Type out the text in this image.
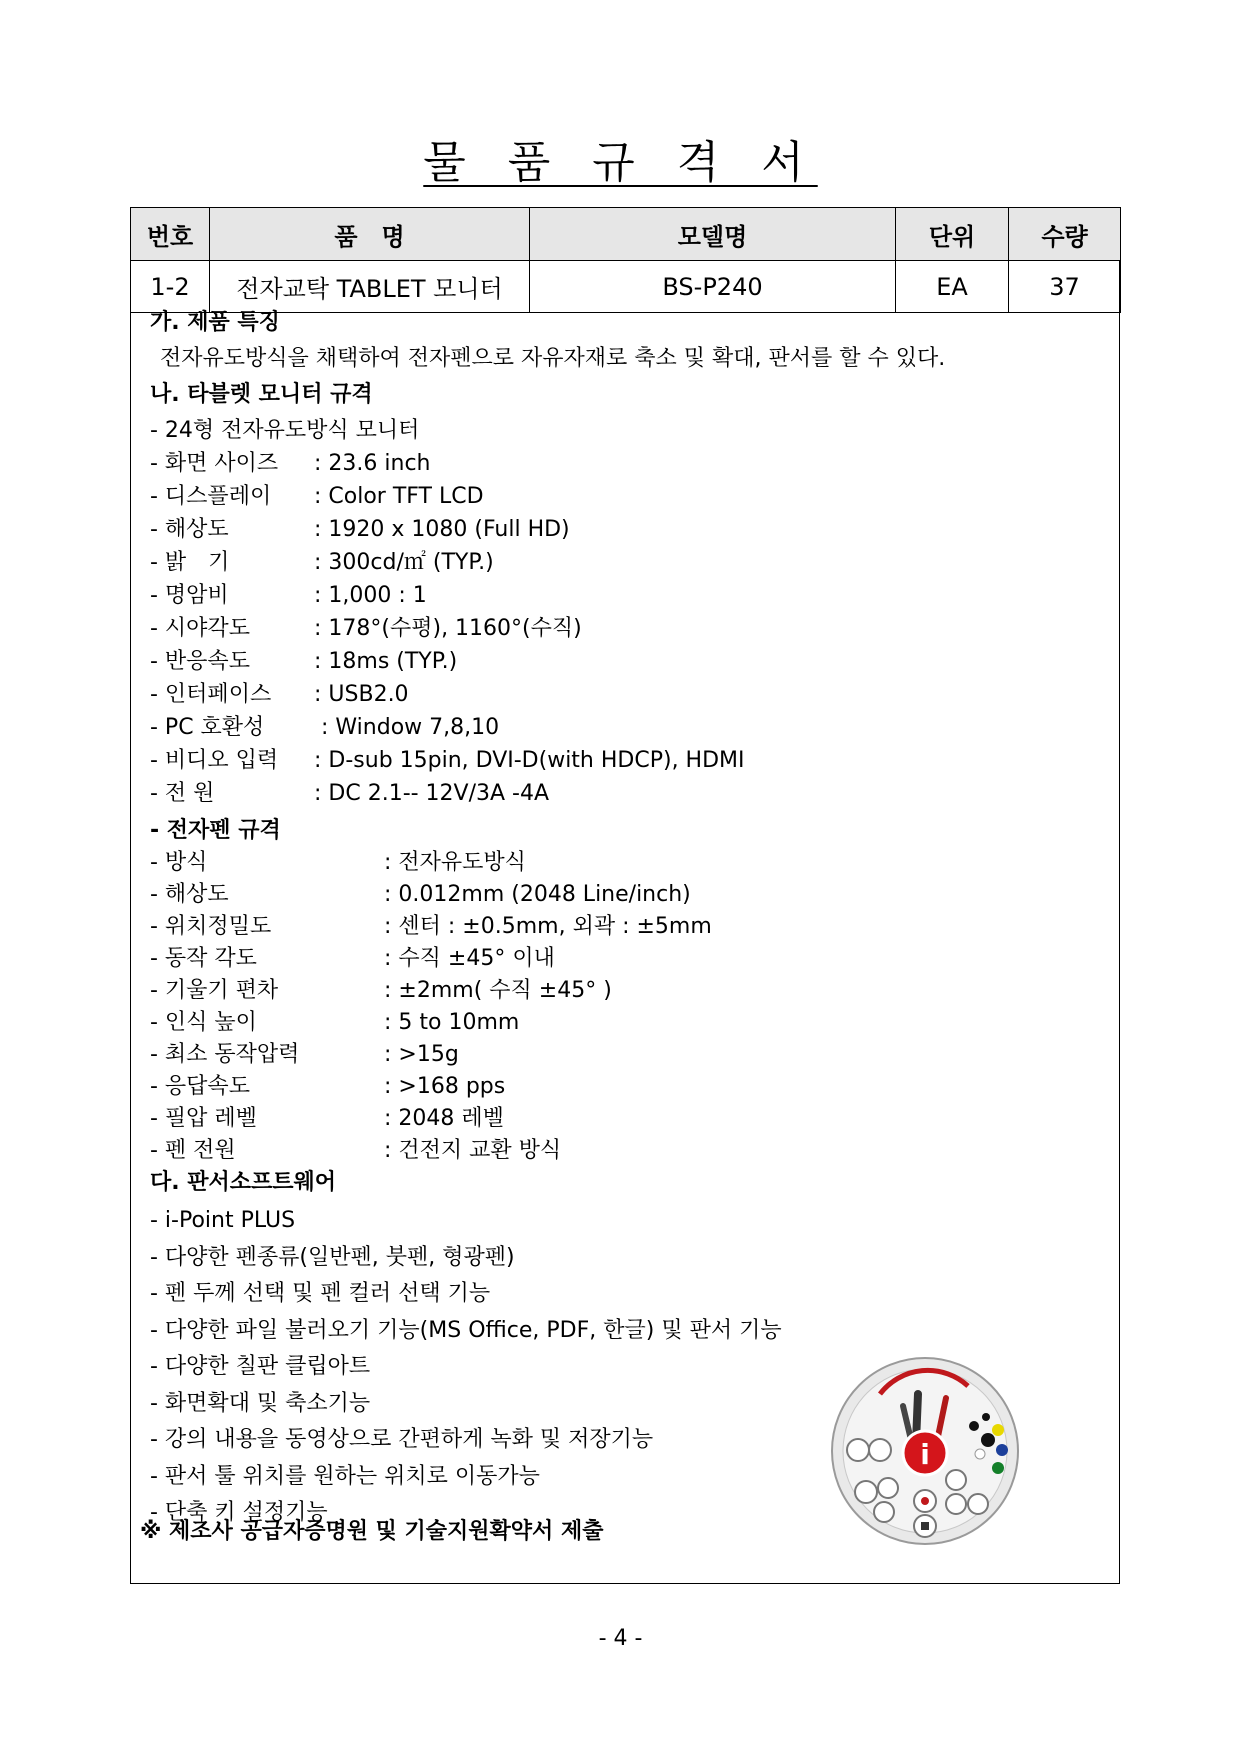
물 품 규 격 서
번호	품　명	모델명	단위	수량
1-2	전자교탁 TABLET 모니터	BS-P240	EA	37
가. 제품 특징
전자유도방식을 채택하여 전자펜으로 자유자재로 축소 및 확대, 판서를 할 수 있다.
나. 타블렛 모니터 규격
- 24형 전자유도방식 모니터
- 화면 사이즈 : 23.6 inch
- 디스플레이 : Color TFT LCD
- 해상도	: 1920 x 1080 (Full HD)
- 밝　기	: 300cd/㎡ (TYP.)
- 명암비	: 1,000 : 1
- 시야각도	: 178°(수평), 1160°(수직)
- 반응속도	: 18ms (TYP.)
- 인터페이스 : USB2.0
- PC 호환성 : Window 7,8,10
- 비디오 입력 : D-sub 15pin, DVI-D(with HDCP), HDMI
- 전 원	: DC 2.1-- 12V/3A -4A
- 전자펜 규격
- 방식	: 전자유도방식
- 해상도	: 0.012mm (2048 Line/inch)
- 위치정밀도	: 센터 : ±0.5mm, 외곽 : ±5mm
- 동작 각도	: 수직 ±45° 이내
- 기울기 편차	: ±2mm( 수직 ±45° )
- 인식 높이	: 5 to 10mm
- 최소 동작압력	: >15g
- 응답속도	: >168 pps
- 필압 레벨	: 2048 레벨
- 펜 전원	: 건전지 교환 방식
다. 판서소프트웨어
- i-Point PLUS
- 다양한 펜종류(일반펜, 붓펜, 형광펜)
- 펜 두께 선택 및 펜 컬러 선택 기능
- 다양한 파일 불러오기 기능(MS Office, PDF, 한글) 및 판서 기능
- 다양한 칠판 클립아트
- 화면확대 및 축소기능
- 강의 내용을 동영상으로 간편하게 녹화 및 저장기능
- 판서 툴 위치를 원하는 위치로 이동가능
- 단축 키 설정기능
※ 제조사 공급자증명원 및 기술지원확약서 제출
i
- 4 -
